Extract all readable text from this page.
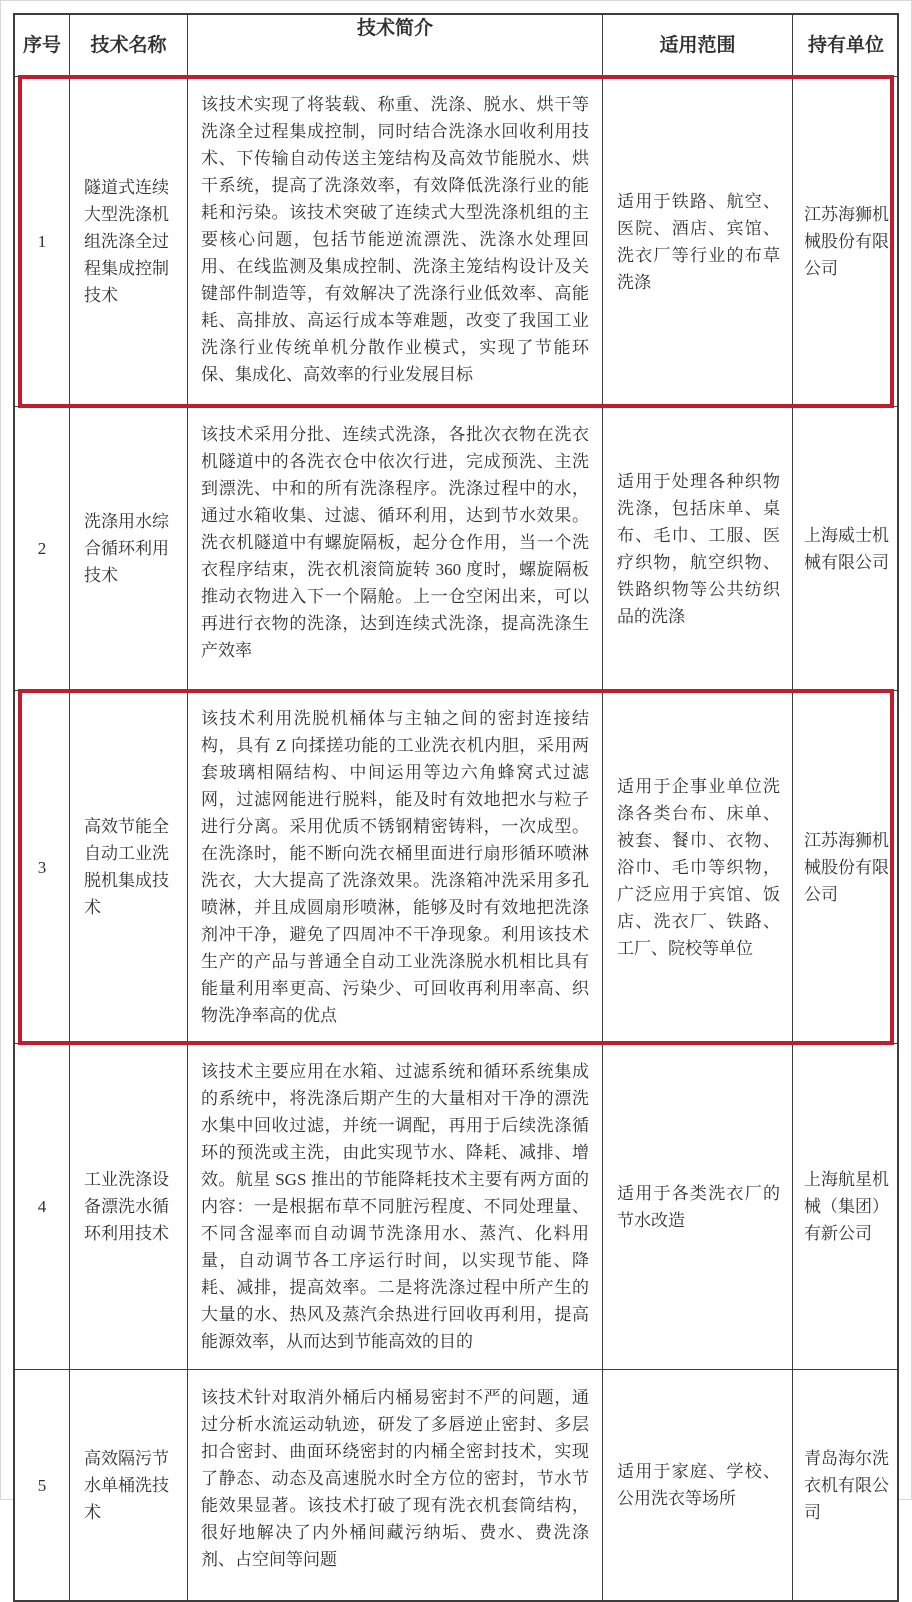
序号	技术名称
技术简介
适用范围	持有单位
1
隧道式连续大型洗涤机组洗涤全过程集成控制技术
该技术实现了将装载、称重、洗涤、脱水、烘干等洗涤全过程集成控制，同时结合洗涤水回收利用技术、下传输自动传送主笼结构及高效节能脱水、烘干系统，提高了洗涤效率，有效降低洗涤行业的能耗和污染。该技术突破了连续式大型洗涤机组的主要核心问题，包括节能逆流漂洗、洗涤水处理回用、在线监测及集成控制、洗涤主笼结构设计及关键部件制造等，有效解决了洗涤行业低效率、高能耗、高排放、高运行成本等难题，改变了我国工业洗涤行业传统单机分散作业模式，实现了节能环保、集成化、高效率的行业发展目标
适用于铁路、航空、医院、酒店、宾馆、洗衣厂等行业的布草洗涤
江苏海狮机械股份有限公司
2
洗涤用水综合循环利用技术
该技术采用分批、连续式洗涤，各批次衣物在洗衣机隧道中的各洗衣仓中依次行进，完成预洗、主洗到漂洗、中和的所有洗涤程序。洗涤过程中的水，通过水箱收集、过滤、循环利用，达到节水效果。洗衣机隧道中有螺旋隔板，起分仓作用，当一个洗衣程序结束，洗衣机滚筒旋转 360 度时，螺旋隔板推动衣物进入下一个隔舱。上一仓空闲出来，可以再进行衣物的洗涤，达到连续式洗涤，提高洗涤生产效率
适用于处理各种织物洗涤，包括床单、桌布、毛巾、工服、医疗织物，航空织物、铁路织物等公共纺织品的洗涤
上海威士机械有限公司
3
高效节能全自动工业洗脱机集成技术
该技术利用洗脱机桶体与主轴之间的密封连接结构，具有 Z 向揉搓功能的工业洗衣机内胆，采用两套玻璃相隔结构、中间运用等边六角蜂窝式过滤网，过滤网能进行脱料，能及时有效地把水与粒子进行分离。采用优质不锈钢精密铸料，一次成型。在洗涤时，能不断向洗衣桶里面进行扇形循环喷淋洗衣，大大提高了洗涤效果。洗涤箱冲洗采用多孔喷淋，并且成圆扇形喷淋，能够及时有效地把洗涤剂冲干净，避免了四周冲不干净现象。利用该技术生产的产品与普通全自动工业洗涤脱水机相比具有能量利用率更高、污染少、可回收再利用率高、织物洗净率高的优点
适用于企事业单位洗涤各类台布、床单、被套、餐巾、衣物、浴巾、毛巾等织物，广泛应用于宾馆、饭店、洗衣厂、铁路、工厂、院校等单位
江苏海狮机械股份有限公司
4
工业洗涤设备漂洗水循环利用技术
该技术主要应用在水箱、过滤系统和循环系统集成的系统中，将洗涤后期产生的大量相对干净的漂洗水集中回收过滤，并统一调配，再用于后续洗涤循环的预洗或主洗，由此实现节水、降耗、减排、增效。航星 SGS 推出的节能降耗技术主要有两方面的内容：一是根据布草不同脏污程度、不同处理量、不同含湿率而自动调节洗涤用水、蒸汽、化料用量，自动调节各工序运行时间，以实现节能、降耗、减排，提高效率。二是将洗涤过程中所产生的大量的水、热风及蒸汽余热进行回收再利用，提高能源效率，从而达到节能高效的目的
适用于各类洗衣厂的节水改造
上海航星机械（集团）有新公司
5
高效隔污节水单桶洗技术
该技术针对取消外桶后内桶易密封不严的问题，通过分析水流运动轨迹，研发了多唇逆止密封、多层扣合密封、曲面环绕密封的内桶全密封技术，实现了静态、动态及高速脱水时全方位的密封，节水节能效果显著。该技术打破了现有洗衣机套筒结构，很好地解决了内外桶间藏污纳垢、费水、费洗涤剂、占空间等问题
适用于家庭、学校、公用洗衣等场所
青岛海尔洗衣机有限公司
